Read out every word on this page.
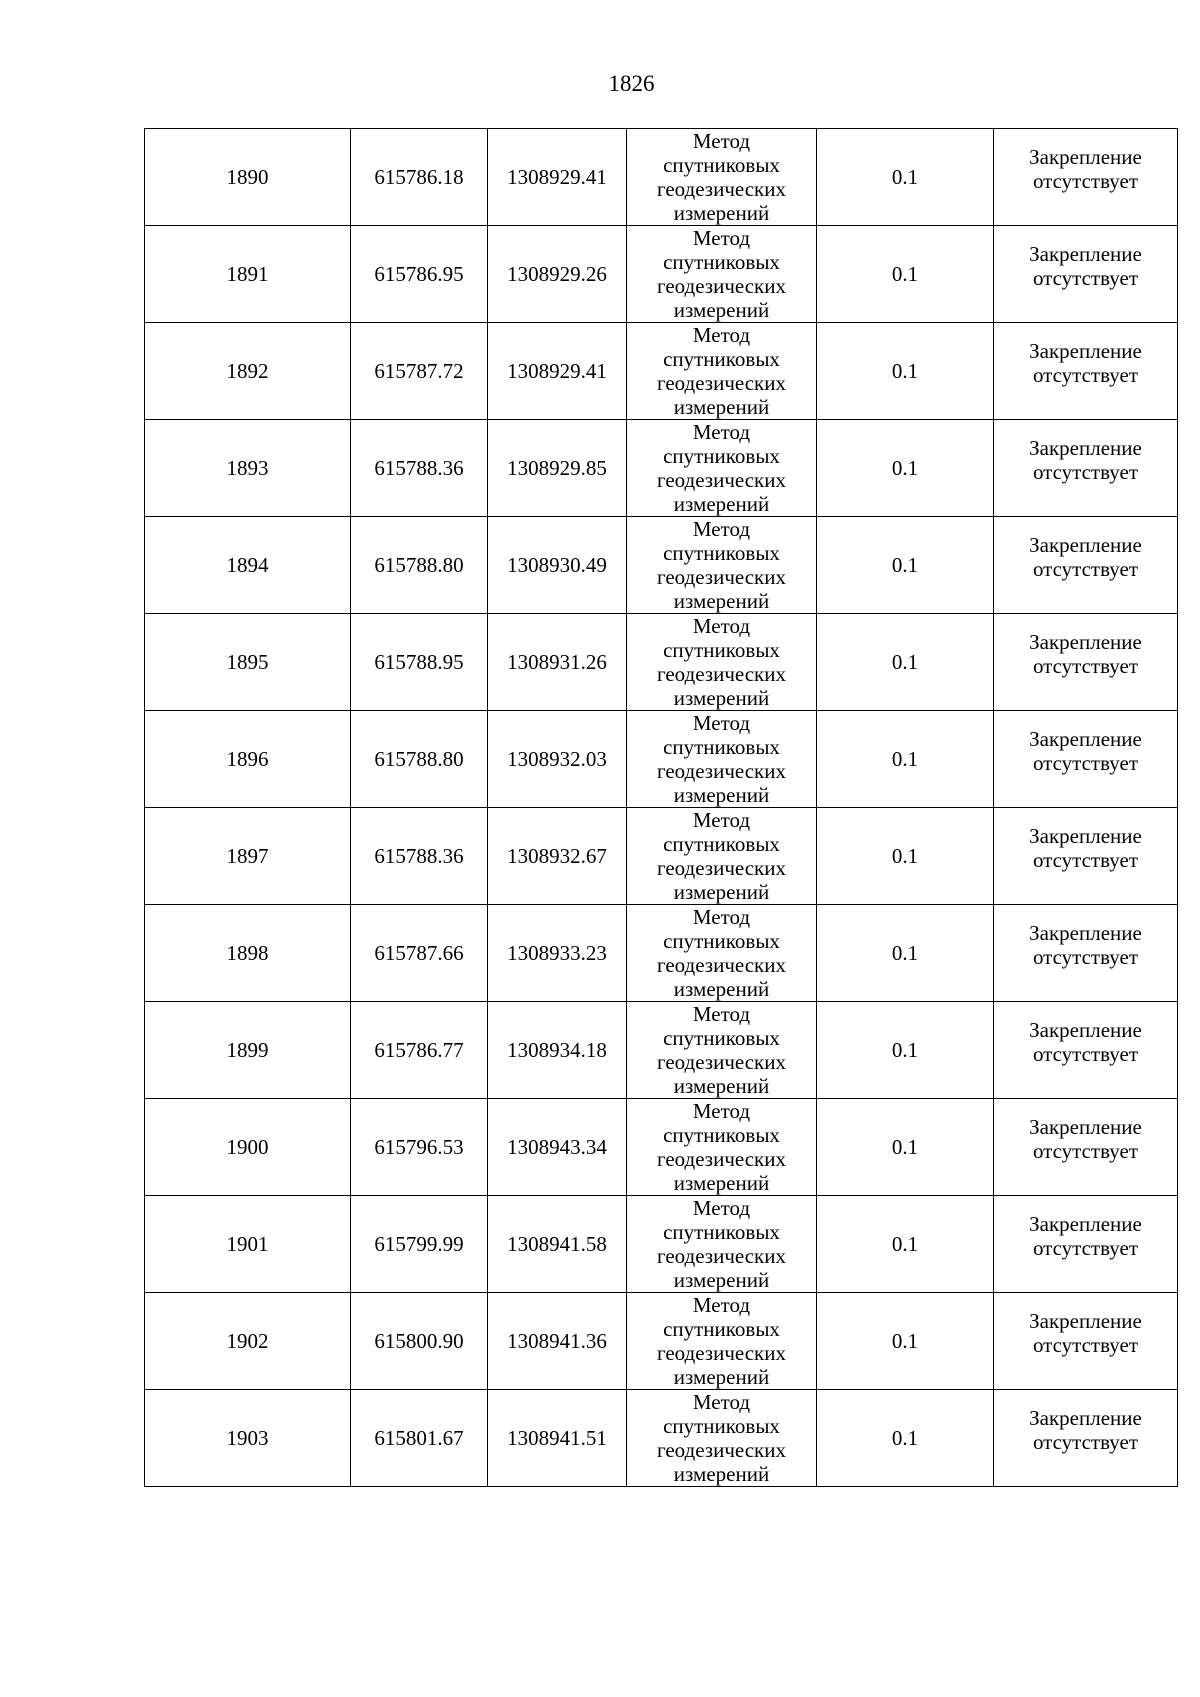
1826
1890	615786.18	1308929.41	Метод
спутниковых
геодезических
измерений	0.1	Закрепление
отсутствует

1891	615786.95	1308929.26	Метод
спутниковых
геодезических
измерений	0.1	Закрепление
отсутствует

1892	615787.72	1308929.41	Метод
спутниковых
геодезических
измерений	0.1	Закрепление
отсутствует

1893	615788.36	1308929.85	Метод
спутниковых
геодезических
измерений	0.1	Закрепление
отсутствует

1894	615788.80	1308930.49	Метод
спутниковых
геодезических
измерений	0.1	Закрепление
отсутствует

1895	615788.95	1308931.26	Метод
спутниковых
геодезических
измерений	0.1	Закрепление
отсутствует

1896	615788.80	1308932.03	Метод
спутниковых
геодезических
измерений	0.1	Закрепление
отсутствует

1897	615788.36	1308932.67	Метод
спутниковых
геодезических
измерений	0.1	Закрепление
отсутствует

1898	615787.66	1308933.23	Метод
спутниковых
геодезических
измерений	0.1	Закрепление
отсутствует

1899	615786.77	1308934.18	Метод
спутниковых
геодезических
измерений	0.1	Закрепление
отсутствует

1900	615796.53	1308943.34	Метод
спутниковых
геодезических
измерений	0.1	Закрепление
отсутствует

1901	615799.99	1308941.58	Метод
спутниковых
геодезических
измерений	0.1	Закрепление
отсутствует

1902	615800.90	1308941.36	Метод
спутниковых
геодезических
измерений	0.1	Закрепление
отсутствует

1903	615801.67	1308941.51	Метод
спутниковых
геодезических
измерений	0.1	Закрепление
отсутствует
